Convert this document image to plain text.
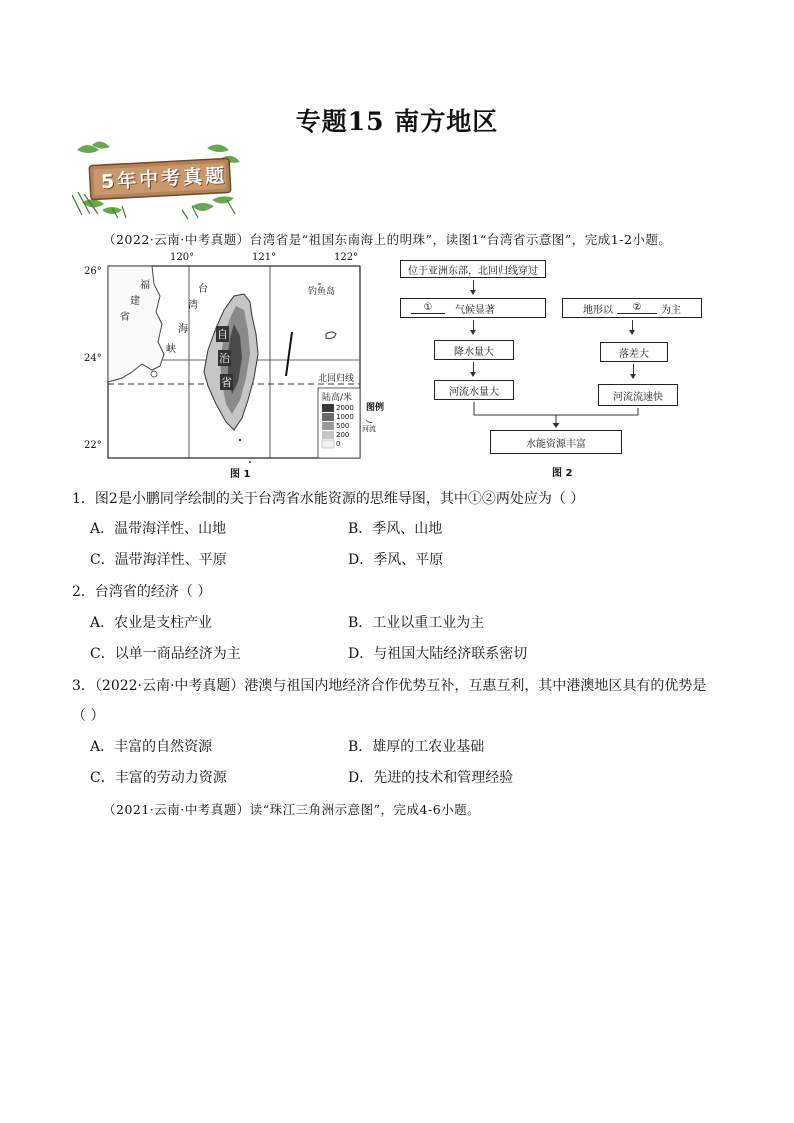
专题15 南方地区
5年中考真题
（2022·云南·中考真题）台湾省是“祖国东南海上的明珠”，读图1“台湾省示意图”，完成1-2小题。
120°	121°	122°
26°
24°
22°
福
建
省
台
湾
海
峡
钓鱼岛
北回归线
自
治
省
陆高/米
2000
1000
500
200
0
图例
河流
图 1
位于亚洲东部，北回归线穿过
①	气候显著	地形以	②	为主
降水量大	落差大
河流水量大	河流流速快
水能资源丰富
图 2
1．图2是小鹏同学绘制的关于台湾省水能资源的思维导图，其中①②两处应为（ ）
A．温带海洋性、山地	B．季风、山地
C．温带海洋性、平原	D．季风、平原
2．台湾省的经济（ ）
A．农业是支柱产业	B．工业以重工业为主
C．以单一商品经济为主	D．与祖国大陆经济联系密切
3．（2022·云南·中考真题）港澳与祖国内地经济合作优势互补，互惠互利，其中港澳地区具有的优势是
（ ）
A．丰富的自然资源	B．雄厚的工农业基础
C．丰富的劳动力资源	D．先进的技术和管理经验
（2021·云南·中考真题）读“珠江三角洲示意图”，完成4-6小题。
